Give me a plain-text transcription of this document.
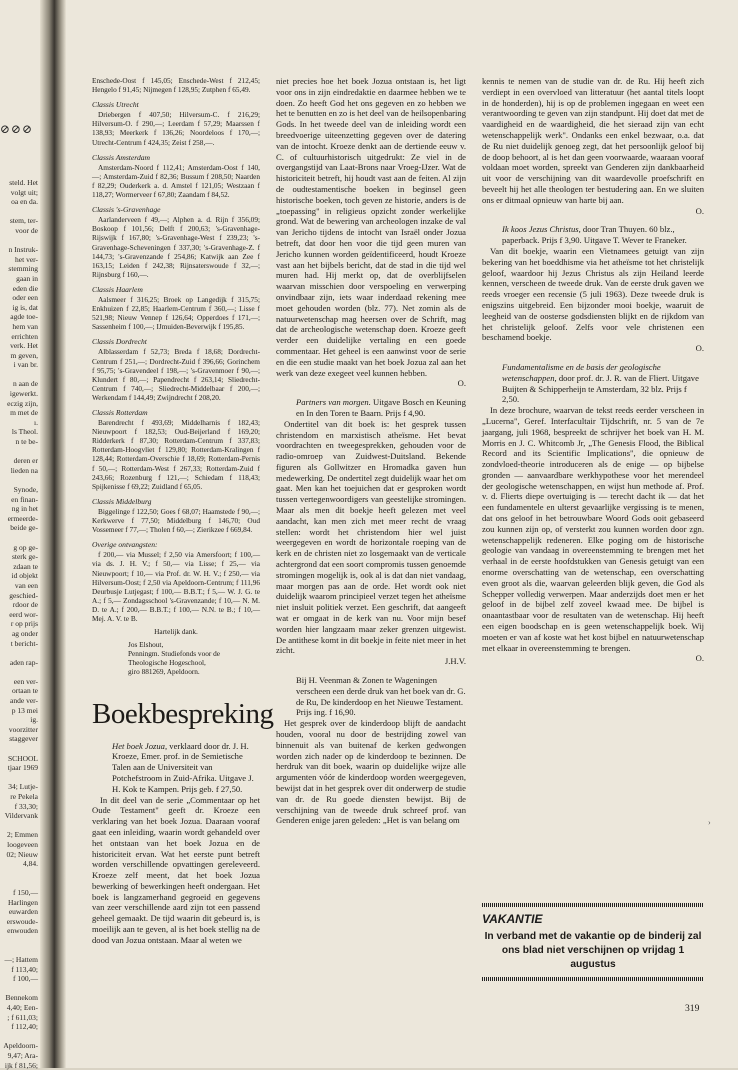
steld. Het
volgt uit;
oa en da.

stem, ter-
voor de

n Instruk-
het ver-
stemming
gaan in
eden die
oder een
ig is, dat
agde toe-
hem van
errichten
verk. Het
m geven,
i van br.

n aan de
igewerkt.
eczig zijn,
m met de
ı.
ls Theol.
n te be-

deren er
lieden na

Synode,
en finan-
ng in het
ermeerde-
beide ge-

g op ge-
sterk ge-
zdaan te
id objekt
van een
geschied-
rdoor de
eerd wor-
r op prijs
ag onder
t bericht-

aden rap-

een ver-
ortaan te
ande ver-
p 13 mei
ig.
voorzitter
staggever

SCHOOL
tjaar 1969

34; Lutje-
re Pekela
f 33,30;
Vildervank

2; Emmen
loogeveen
02; Nieuw
4,84.

f 150,—
Harlingen
euwarden
erswoude-
enwouden

—; Hattem
f 113,40;
f 100,—

Bennekom
4,40; Een-
; f 611,03;
f 112,40;

Apeldoorn-
9,47; Ara-
ijk f 81,56;
⊘⊘⊘

Enschede-Oost f 145,05; Enschede-West f 212,45; Hengelo f 91,45; Nijmegen f 128,95; Zutphen f 65,49.

Classis Utrecht

Driebergen f 407,50; Hilversum-C. f 216,29; Hilversum-O. f 290,—; Leerdam f 57,29; Maarssen f 138,93; Meerkerk f 136,26; Noordeloos f 170,—; Utrecht-Centrum f 424,35; Zeist f 258,—.

Classis Amsterdam

Amsterdam-Noord f 112,41; Amsterdam-Oost f 140,—; Amsterdam-Zuid f 82,36; Bussum f 208,50; Naarden f 82,29; Ouderkerk a. d. Amstel f 121,05; Westzaan f 118,27; Wormerveer f 67,80; Zaandam f 84,52.

Classis 's-Gravenhage

Aarlanderveen f 49,—; Alphen a. d. Rijn f 356,09; Boskoop f 101,56; Delft f 200,63; 's-Gravenhage-Rijswijk f 167,80; 's-Gravenhage-West f 239,23; 's-Gravenhage-Scheveningen f 337,30; 's-Gravenhage-Z. f 144,73; 's-Gravenzande f 254,86; Katwijk aan Zee f 163,15; Leiden f 242,38; Rijnsaterswoude f 32,—; Rijnsburg f 160,—.

Classis Haarlem

Aalsmeer f 316,25; Broek op Langedijk f 315,75; Enkhuizen f 22,85; Haarlem-Centrum f 360,—; Lisse f 521,98; Nieuw Vennep f 126,64; Opperdoes f 171,—; Sassenheim f 100,—; IJmuiden-Beverwijk f 195,85.

Classis Dordrecht

Alblasserdam f 52,73; Breda f 18,68; Dordrecht-Centrum f 251,—; Dordrecht-Zuid f 396,66; Gorinchem f 95,75; 's-Gravendeel f 198,—; 's-Gravenmoer f 90,—; Klundert f 80,—; Papendrecht f 263,14; Sliedrecht-Centrum f 740,—; Sliedrecht-Middelbaar f 200,—; Werkendam f 144,49; Zwijndrecht f 208,20.

Classis Rotterdam

Barendrecht f 493,69; Middelharnis f 182,43; Nieuwpoort f 182,53; Oud-Beijerland f 169,20; Ridderkerk f 87,30; Rotterdam-Centrum f 337,83; Rotterdam-Hoogvliet f 129,80; Rotterdam-Kralingen f 128,44; Rotterdam-Overschie f 18,69; Rotterdam-Pernis f 50,—; Rotterdam-West f 267,33; Rotterdam-Zuid f 243,66; Rozenburg f 121,—; Schiedam f 118,43; Spijkenisse f 69,22; Zuidland f 65,05.

Classis Middelburg

Biggelinge f 122,50; Goes f 68,07; Haamstede f 90,—; Kerkwerve f 77,50; Middelburg f 146,70; Oud Vossemeer f 77,—; Tholen f 60,—; Zierikzee f 669,84.

Overige ontvangsten:

f 200,— via Mussel; f 2,50 via Amersfoort; f 100,— via ds. J. H. V.; f 50,— via Lisse; f 25,— via Nieuwpoort; f 10,— via Prof. dr. W. H. V.; f 250,— via Hilversum-Oost; f 2,50 via Apeldoorn-Centrum; f 111,96 Deurbusje Lutjegast; f 100,— B.B.T.; f 5,— W. J. G. te A.; f 5,— Zondagsschool 's-Gravenzande; f 10,— N. M. D. te A.; f 200,— B.B.T.; f 100,— N.N. te B.; f 10,— Mej. A. V. te B.

Hartelijk dank.
Jos Elshout,
Penningm. Studiefonds voor de
Theologische Hogeschool,
giro 881269, Apeldoorn.
Boekbespreking

Het boek Jozua, verklaard door dr. J. H. Kroeze, Emer. prof. in de Semietische Talen aan de Universiteit van Potchefstroom in Zuid-Afrika. Uitgave J. H. Kok te Kampen. Prijs geb. f 27,50.

In dit deel van de serie „Commentaar op het Oude Testament" geeft dr. Kroeze een verklaring van het boek Jozua. Daaraan vooraf gaat een inleiding, waarin wordt gehandeld over het ontstaan van het boek Jozua en de historiciteit ervan. Wat het eerste punt betreft worden verschillende opvattingen gereleveerd. Kroeze zelf meent, dat het boek Jozua bewerking of bewerkingen heeft ondergaan. Het boek is langzamerhand gegroeid en gegevens van zeer verschillende aard zijn tot een passend geheel gemaakt. De tijd waarin dit gebeurd is, is moeilijk aan te geven, al is het boek stellig na de dood van Jozua ontstaan. Maar al weten we

niet precies hoe het boek Jozua ontstaan is, het ligt voor ons in zijn eindredaktie en daarmee hebben we te doen. Zo heeft God het ons gegeven en zo hebben we het te benutten en zo is het deel van de heilsopenbaring Gods. In het tweede deel van de inleiding wordt een breedvoerige uiteenzetting gegeven over de datering van de intocht. Kroeze denkt aan de dertiende eeuw v. C. of cultuurhistorisch uitgedrukt: Ze viel in de overgangstijd van Laat-Brons naar Vroeg-IJzer. Wat de historiciteit betreft, hij houdt vast aan de feiten. Al zijn de oudtestamentische boeken in beginsel geen historische boeken, toch geven ze historie, anders is de „toepassing" in religieus opzicht zonder werkelijke grond. Wat de bewering van archeologen inzake de val van Jericho tijdens de intocht van Israël onder Jozua betreft, dat door hen voor die tijd geen muren van Jericho kunnen worden geïdentificeerd, houdt Kroeze vast aan het bijbels bericht, dat de stad in die tijd wel muren had. Hij merkt op, dat de overblijfselen waarvan misschien door verspoeling en verwerping onvindbaar zijn, iets waar inderdaad rekening mee moet gehouden worden (blz. 77). Net zomin als de natuurwetenschap mag heersen over de Schrift, mag dat de archeologische wetenschap doen. Kroeze geeft verder een duidelijke vertaling en een goede commentaar. Het geheel is een aanwinst voor de serie en die een studie maakt van het boek Jozua zal aan het werk van deze exegeet veel kunnen hebben.

O.

Partners van morgen. Uitgave Bosch en Keuning en In den Toren te Baarn. Prijs f 4,90.

Ondertitel van dit boek is: het gesprek tussen christendom en marxistisch atheïsme. Het bevat voordrachten en tweegesprekken, gehouden voor de radio-omroep van Zuidwest-Duitsland. Bekende figuren als Gollwitzer en Hromadka gaven hun medewerking. De ondertitel zegt duidelijk waar het om gaat. Men kan het toejuichen dat er gesproken wordt tussen vertegenwoordigers van geestelijke stromingen. Maar als men dit boekje heeft gelezen met veel aandacht, kan men zich met meer recht de vraag stellen: wordt het christendom hier wel juist weergegeven en wordt de horizontale roeping van de kerk en de christen niet zo losgemaakt van de verticale achtergrond dat een soort compromis tussen genoemde stromingen mogelijk is, ook al is dat dan niet vandaag, maar morgen pas aan de orde. Het wordt ook niet duidelijk waarom principieel verzet tegen het atheïsme niet insluit politiek verzet. Een geschrift, dat aangeeft wat er omgaat in de kerk van nu. Voor mijn besef worden hier langzaam maar zeker grenzen uitgewist. De antithese komt in dit boekje in feite niet meer in het zicht.

J.H.V.

Bij H. Veenman & Zonen te Wageningen verscheen een derde druk van het boek van dr. G. de Ru, De kinderdoop en het Nieuwe Testament. Prijs ing. f 16,90.

Het gesprek over de kinderdoop blijft de aandacht houden, vooral nu door de bestrijding zowel van binnenuit als van buitenaf de kerken gedwongen worden zich nader op de kinderdoop te bezinnen. De herdruk van dit boek, waarin op duidelijke wijze alle argumenten vóór de kinderdoop worden weergegeven, bewijst dat in het gesprek over dit onderwerp de studie van dr. de Ru goede diensten bewijst. Bij de verschijning van de tweede druk schreef prof. van Genderen enige jaren geleden: „Het is van belang om

kennis te nemen van de studie van dr. de Ru. Hij heeft zich verdiept in een overvloed van litteratuur (het aantal titels loopt in de honderden), hij is op de problemen ingegaan en weet een verantwoording te geven van zijn standpunt. Hij doet dat met de vaardigheid en de waardigheid, die het sieraad zijn van echt wetenschappelijk werk". Ondanks een enkel bezwaar, o.a. dat de Ru niet duidelijk genoeg zegt, dat het persoonlijk geloof bij de doop behoort, al is het dan geen voorwaarde, waaraan vooraf voldaan moet worden, spreekt van Genderen zijn dankbaarheid uit voor de verschijning van dit waardevolle proefschrift en beveelt hij het alle theologen ter bestudering aan. En we sluiten ons er ditmaal opnieuw van harte bij aan.

O.

Ik koos Jezus Christus, door Tran Thuyen. 60 blz., paperback. Prijs f 3,90. Uitgave T. Wever te Franeker.

Van dit boekje, waarin een Vietnamees getuigt van zijn bekering van het boeddhisme via het atheïsme tot het christelijk geloof, waardoor hij Jezus Christus als zijn Heiland leerde kennen, verscheen de tweede druk. Van de eerste druk gaven we reeds vroeger een recensie (5 juli 1963). Deze tweede druk is enigszins uitgebreid. Een bijzonder mooi boekje, waaruit de leegheid van de oosterse godsdiensten blijkt en de rijkdom van het christelijk geloof. Zelfs voor vele christenen een beschamend boekje.

O.

Fundamentalisme en de basis der geologische wetenschappen, door prof. dr. J. R. van de Fliert. Uitgave Buijten & Schipperheijn te Amsterdam, 32 blz. Prijs f 2,50.

In deze brochure, waarvan de tekst reeds eerder verscheen in „Lucerna", Geref. Interfacultair Tijdschrift, nr. 5 van de 7e jaargang, juli 1968, bespreekt de schrijver het boek van H. M. Morris en J. C. Whitcomb Jr, „The Genesis Flood, the Biblical Record and its Scientific Implications", die opnieuw de zondvloed-theorie introduceren als de enige — op bijbelse gronden — aanvaardbare werkhypothese voor het merendeel der geologische wetenschappen, en wijst hun methode af. Prof. v. d. Flierts diepe overtuiging is — terecht dacht ik — dat het een fundamentele en ulterst gevaarlijke vergissing is te menen, dat ons geloof in het betrouwbare Woord Gods ooit gebaseerd zou kunnen zijn op, of versterkt zou kunnen worden door zgn. wetenschappelijk redeneren. Elke poging om de historische geologie van vandaag in overeenstemming te brengen met het verhaal in de eerste hoofdstukken van Genesis getuigt van een enorme overschatting van de wetenschap, een overschatting even groot als die, waarvan geleerden blijk geven, die God als Schepper volledig verwerpen. Maar anderzijds doet men er het geloof in de bijbel zelf zoveel kwaad mee. De bijbel is onaantastbaar voor de resultaten van de wetenschap. Hij heeft een eigen boodschap en is geen wetenschappelijk boek. Wij moeten er van af koste wat het kost bijbel en natuurwetenschap met elkaar in overeenstemming te brengen.

O.
VAKANTIE
In verband met de vakantie op de binderij zal ons blad niet verschijnen op vrijdag 1 augustus
›
319
